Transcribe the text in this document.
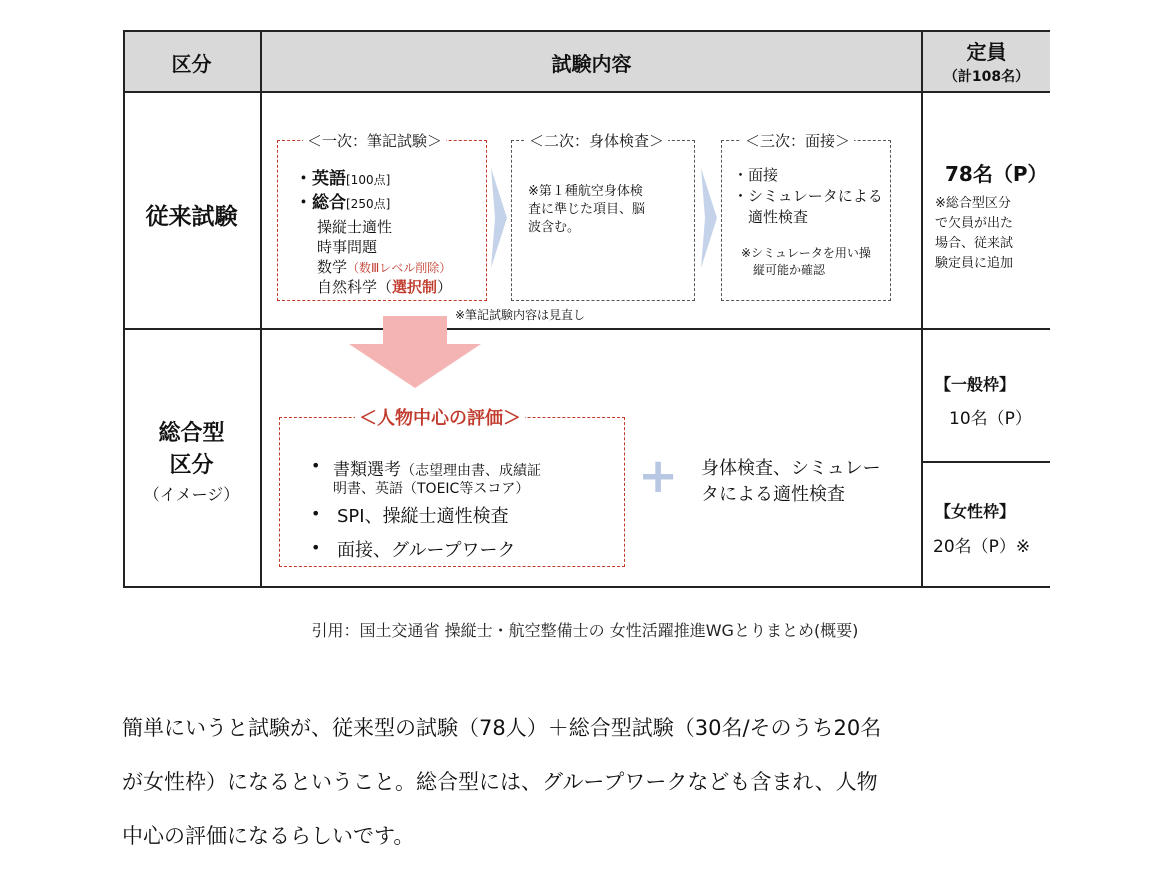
区分	試験内容	定員
（計108名）
従来試験
＜一次：筆記試験＞
・英語[100点]
・総合[250点]
操縦士適性
時事問題
数学（数Ⅲレベル削除）
自然科学（選択制）
＜二次：身体検査＞
※第１種航空身体検
査に準じた項目、脳
波含む。
＜三次：面接＞
・面接
・シミュレータによる
　適性検査
※シミュレータを用い操
　縦可能か確認
※筆記試験内容は見直し
78名（P）
※総合型区分
で欠員が出た
場合、従来試
験定員に追加
総合型
区分
（イメージ）
＜人物中心の評価＞
• 書類選考（志望理由書、成績証
明書、英語（TOEIC等スコア）
• SPI、操縦士適性検査
• 面接、グループワーク
+ 身体検査、シミュレー
タによる適性検査
【一般枠】
10名（P）
【女性枠】
20名（P）※
引用：国土交通省 操縦士・航空整備士の 女性活躍推進WGとりまとめ(概要)
簡単にいうと試験が、従来型の試験（78人）＋総合型試験（30名/そのうち20名
が女性枠）になるということ。総合型には、グループワークなども含まれ、人物
中心の評価になるらしいです。
